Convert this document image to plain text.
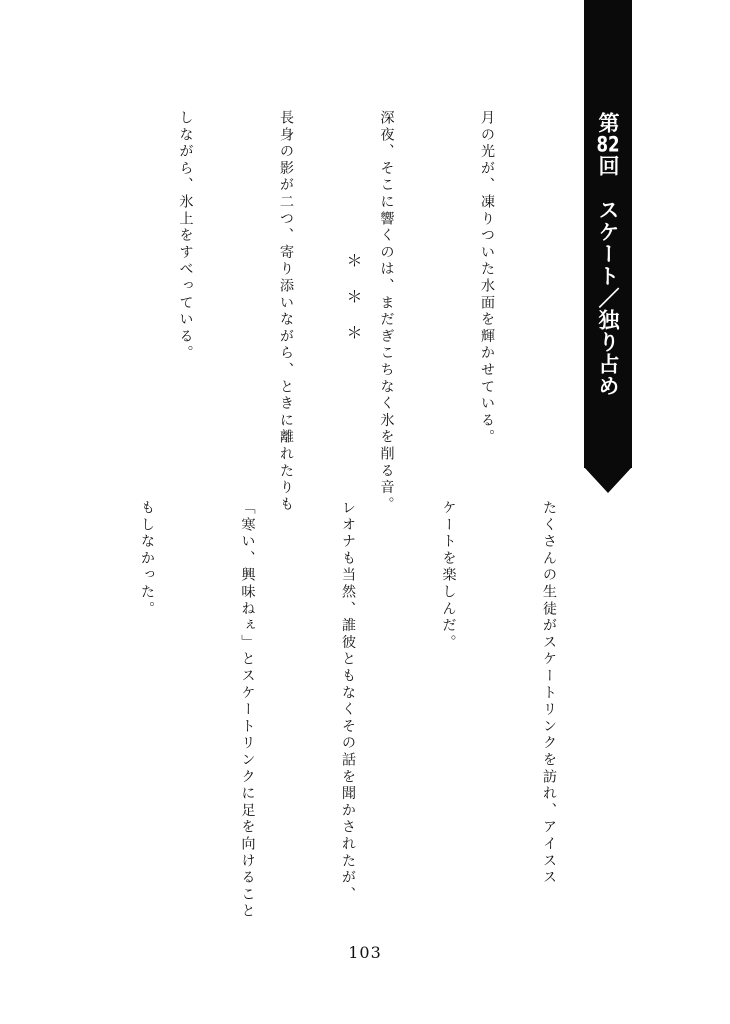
第82回　スケート／独り占め

月の光が、凍りついた水面を輝かせている。

深夜、そこに響くのは、まだぎこちなく氷を削る音。

長身の影が二つ、寄り添いながら、ときに離れたりも

しながら、氷上をすべっている。

	＊＊＊

たくさんの生徒がスケートリンクを訪れ、アイスス

ケートを楽しんだ。

レオナも当然、誰彼ともなくその話を聞かされたが、

「寒い、興味ねぇ」とスケートリンクに足を向けること

もしなかった。

103
